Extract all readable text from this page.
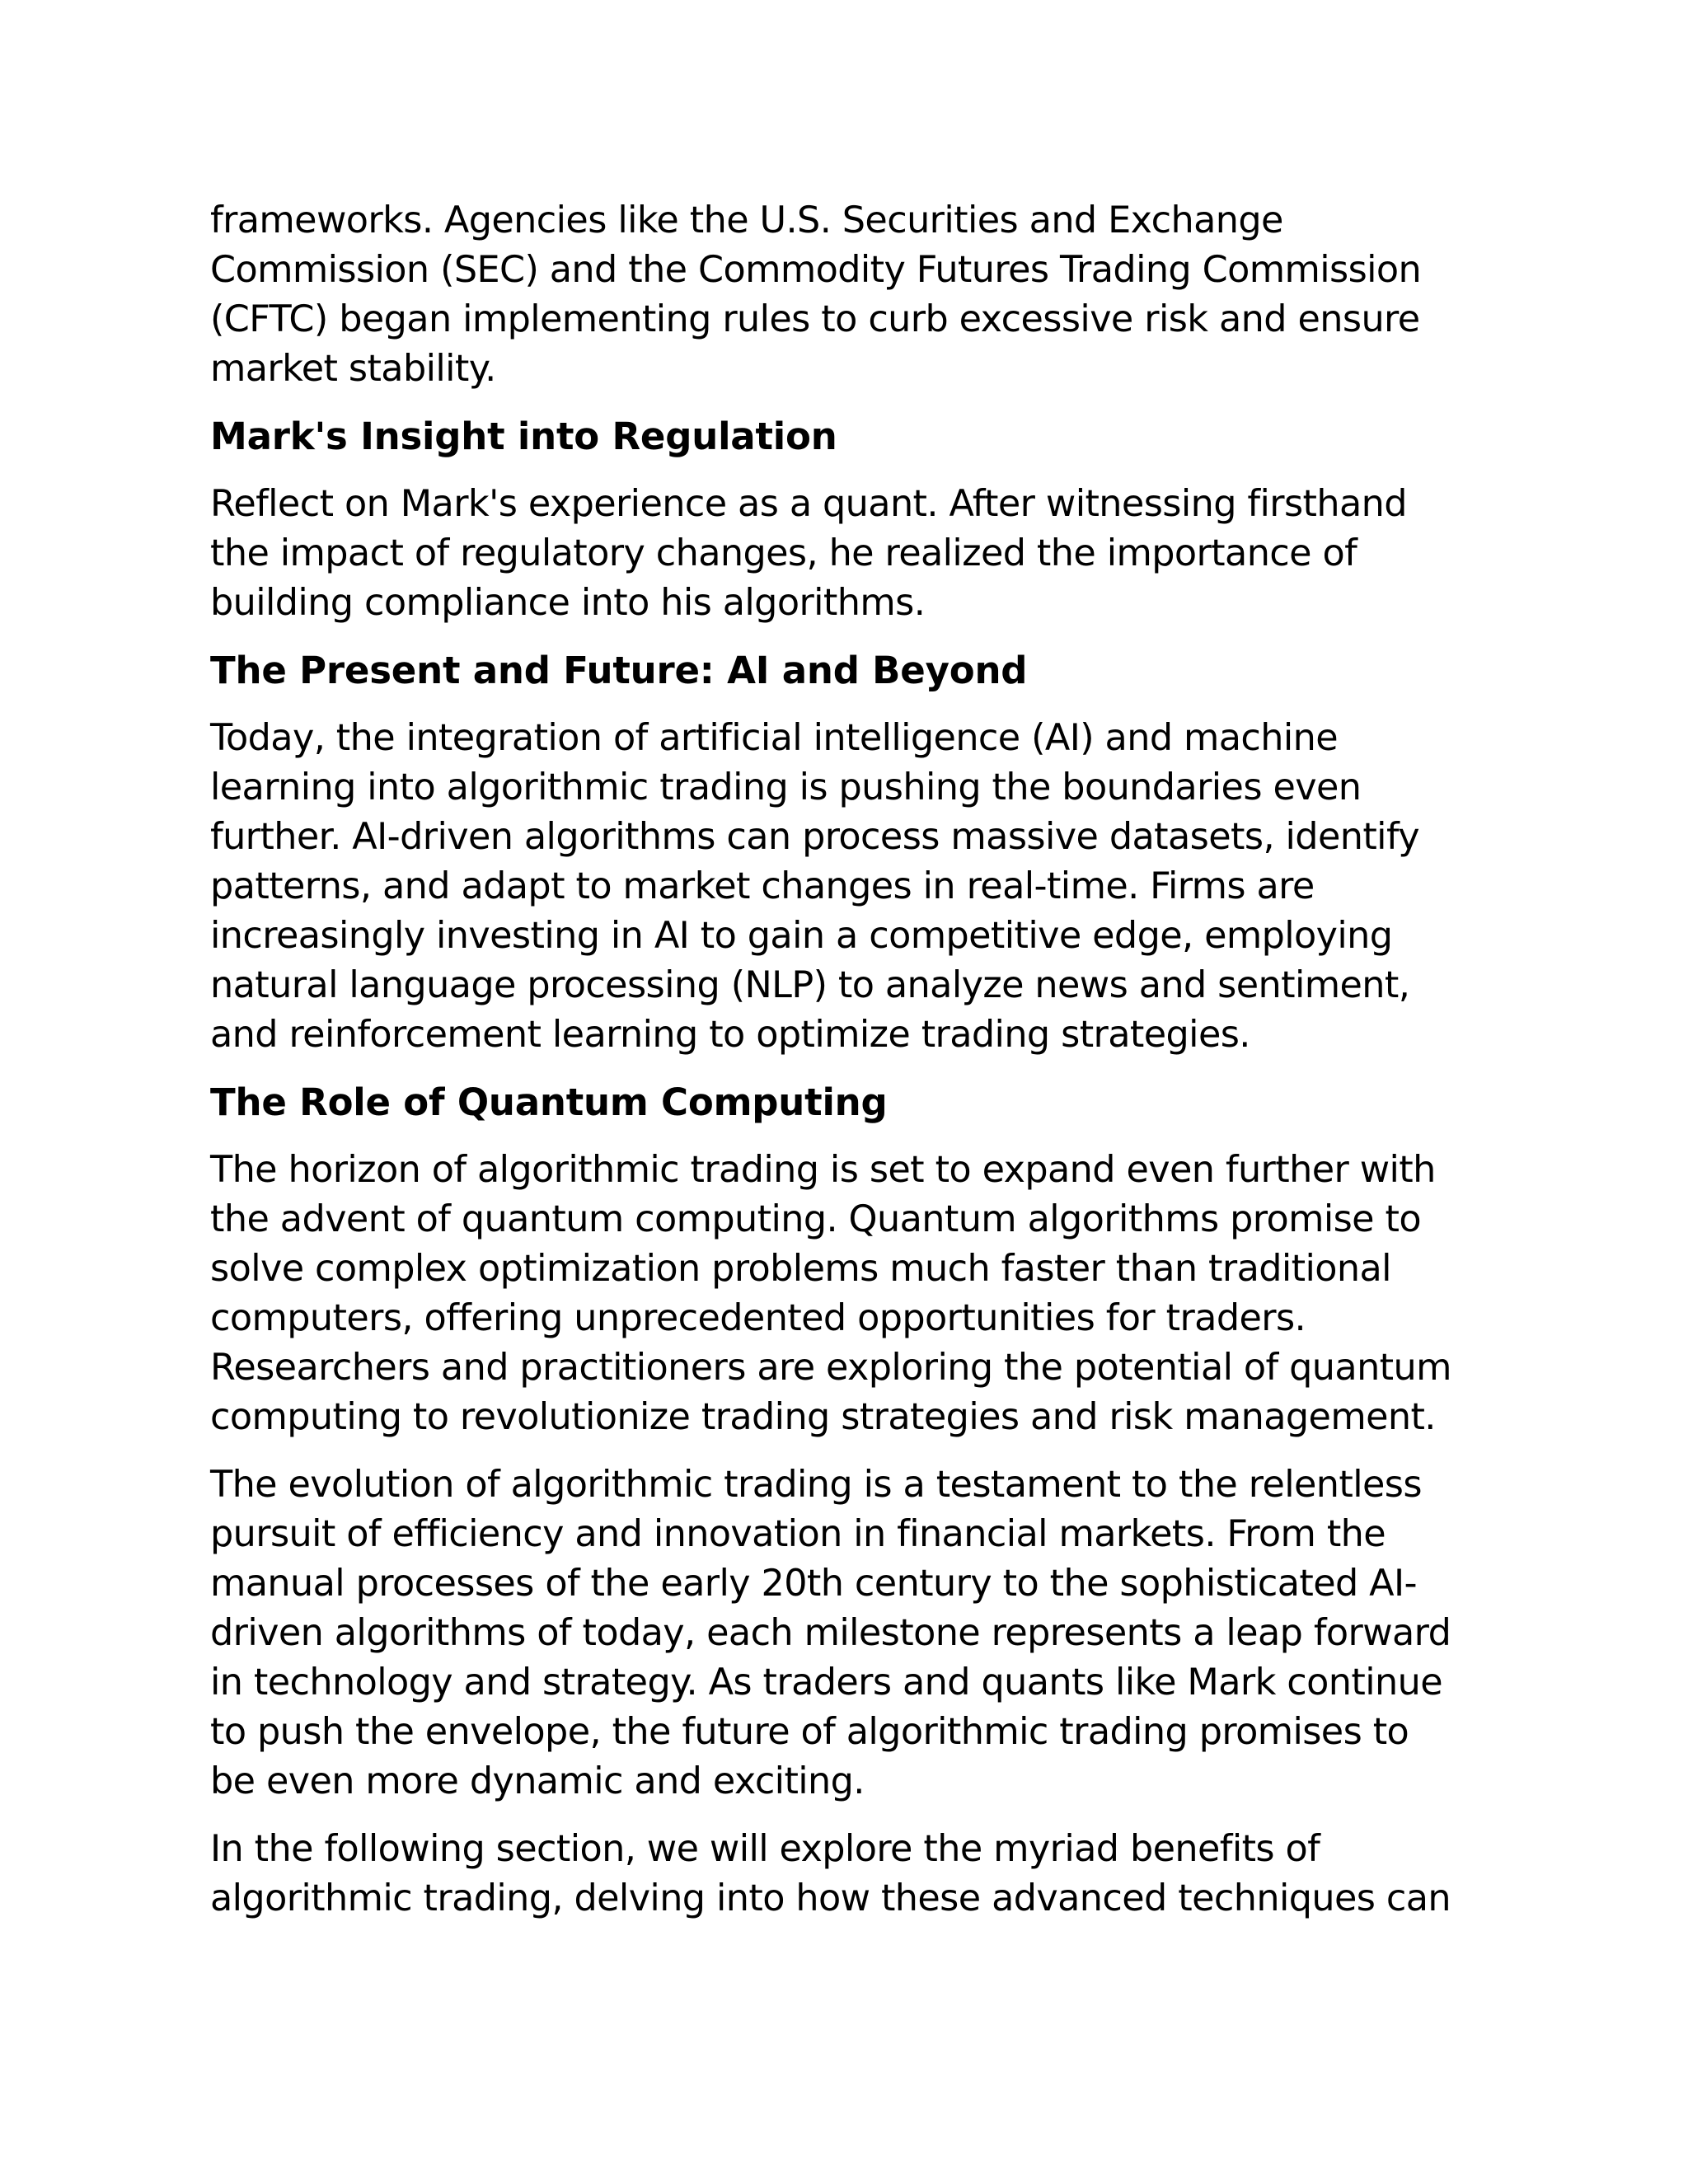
frameworks. Agencies like the U.S. Securities and Exchange
Commission (SEC) and the Commodity Futures Trading Commission
(CFTC) began implementing rules to curb excessive risk and ensure
market stability.
Mark's Insight into Regulation
Reflect on Mark's experience as a quant. After witnessing firsthand
the impact of regulatory changes, he realized the importance of
building compliance into his algorithms.
The Present and Future: AI and Beyond
Today, the integration of artificial intelligence (AI) and machine
learning into algorithmic trading is pushing the boundaries even
further. AI-driven algorithms can process massive datasets, identify
patterns, and adapt to market changes in real-time. Firms are
increasingly investing in AI to gain a competitive edge, employing
natural language processing (NLP) to analyze news and sentiment,
and reinforcement learning to optimize trading strategies.
The Role of Quantum Computing
The horizon of algorithmic trading is set to expand even further with
the advent of quantum computing. Quantum algorithms promise to
solve complex optimization problems much faster than traditional
computers, offering unprecedented opportunities for traders.
Researchers and practitioners are exploring the potential of quantum
computing to revolutionize trading strategies and risk management.
The evolution of algorithmic trading is a testament to the relentless
pursuit of efficiency and innovation in financial markets. From the
manual processes of the early 20th century to the sophisticated AI-
driven algorithms of today, each milestone represents a leap forward
in technology and strategy. As traders and quants like Mark continue
to push the envelope, the future of algorithmic trading promises to
be even more dynamic and exciting.
In the following section, we will explore the myriad benefits of
algorithmic trading, delving into how these advanced techniques can
